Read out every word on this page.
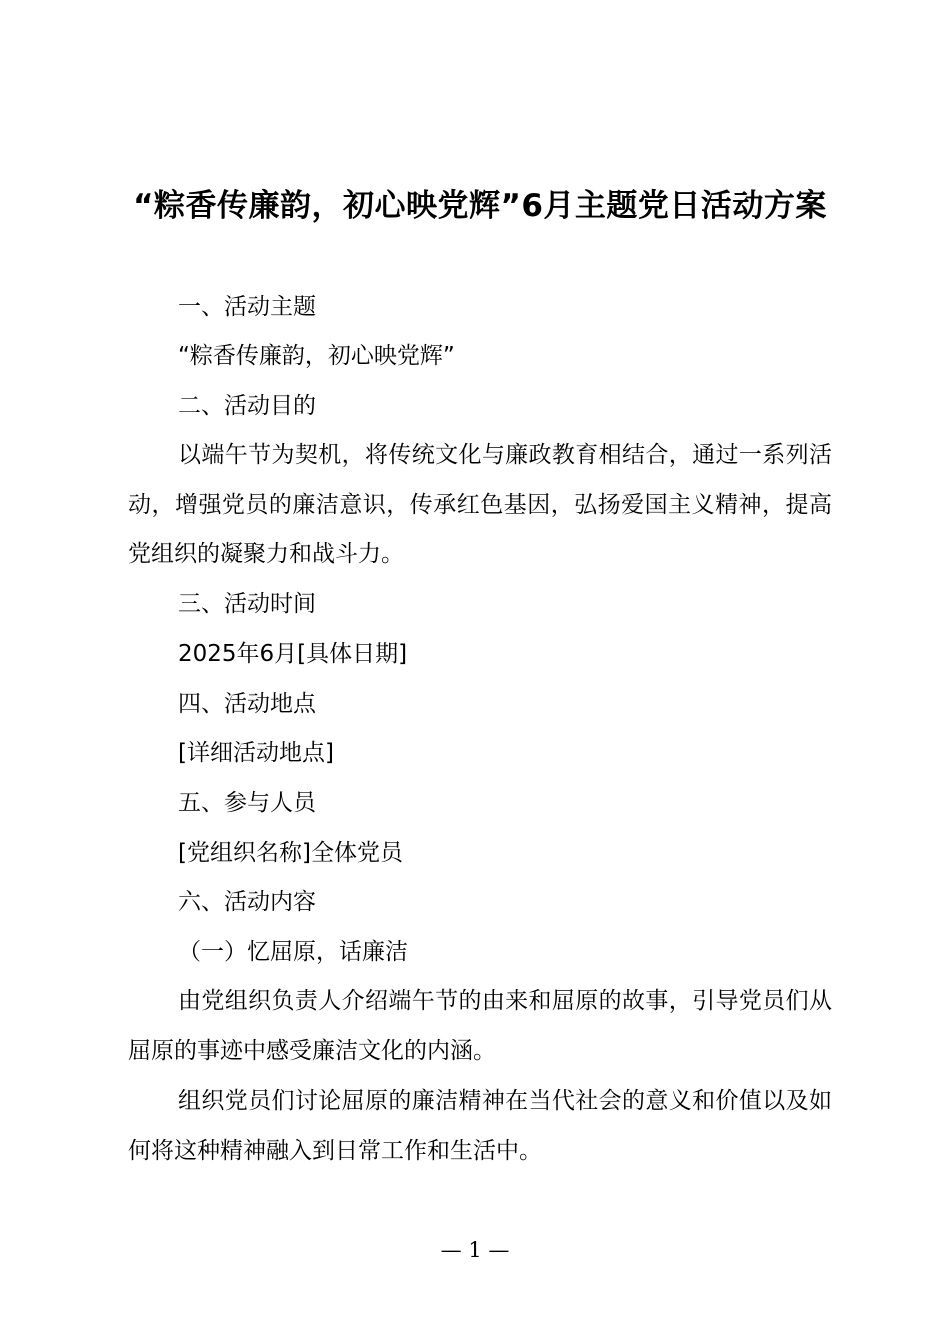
“粽香传廉韵，初心映党辉”6月主题党日活动方案

一、活动主题

“粽香传廉韵，初心映党辉”

二、活动目的

以端午节为契机，将传统文化与廉政教育相结合，通过一系列活动，增强党员的廉洁意识，传承红色基因，弘扬爱国主义精神，提高党组织的凝聚力和战斗力。

三、活动时间

2025年6月[具体日期]

四、活动地点

[详细活动地点]

五、参与人员

[党组织名称]全体党员

六、活动内容

（一）忆屈原，话廉洁

由党组织负责人介绍端午节的由来和屈原的故事，引导党员们从屈原的事迹中感受廉洁文化的内涵。

组织党员们讨论屈原的廉洁精神在当代社会的意义和价值以及如何将这种精神融入到日常工作和生活中。

— 1 —
